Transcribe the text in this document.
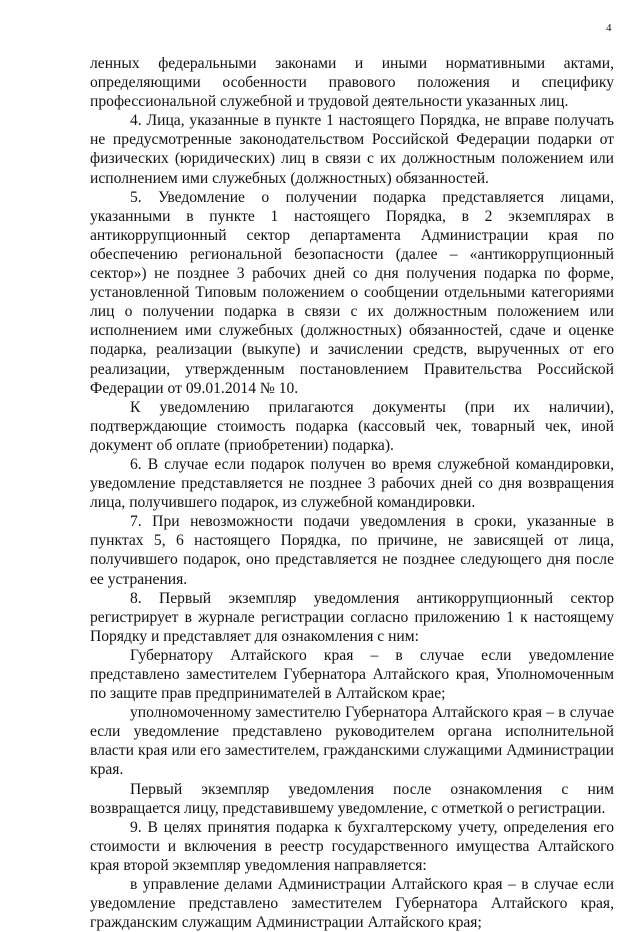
4

ленных федеральными законами и иными нормативными актами, определяющими особенности правового положения и специфику профессиональной служебной и трудовой деятельности указанных лиц.

4. Лица, указанные в пункте 1 настоящего Порядка, не вправе получать не предусмотренные законодательством Российской Федерации подарки от физических (юридических) лиц в связи с их должностным положением или исполнением ими служебных (должностных) обязанностей.

5. Уведомление о получении подарка представляется лицами, указанными в пункте 1 настоящего Порядка, в 2 экземплярах в антикоррупционный сектор департамента Администрации края по обеспечению региональной безопасности (далее – «антикоррупционный сектор») не позднее 3 рабочих дней со дня получения подарка по форме, установленной Типовым положением о сообщении отдельными категориями лиц о получении подарка в связи с их должностным положением или исполнением ими служебных (должностных) обязанностей, сдаче и оценке подарка, реализации (выкупе) и зачислении средств, вырученных от его реализации, утвержденным постановлением Правительства Российской Федерации от 09.01.2014 № 10.

К уведомлению прилагаются документы (при их наличии), подтверждающие стоимость подарка (кассовый чек, товарный чек, иной документ об оплате (приобретении) подарка).

6. В случае если подарок получен во время служебной командировки, уведомление представляется не позднее 3 рабочих дней со дня возвращения лица, получившего подарок, из служебной командировки.

7. При невозможности подачи уведомления в сроки, указанные в пунктах 5, 6 настоящего Порядка, по причине, не зависящей от лица, получившего подарок, оно представляется не позднее следующего дня после ее устранения.

8. Первый экземпляр уведомления антикоррупционный сектор регистрирует в журнале регистрации согласно приложению 1 к настоящему Порядку и представляет для ознакомления с ним:

Губернатору Алтайского края – в случае если уведомление представлено заместителем Губернатора Алтайского края, Уполномоченным по защите прав предпринимателей в Алтайском крае;

уполномоченному заместителю Губернатора Алтайского края – в случае если уведомление представлено руководителем органа исполнительной власти края или его заместителем, гражданскими служащими Администрации края.

Первый экземпляр уведомления после ознакомления с ним возвращается лицу, представившему уведомление, с отметкой о регистрации.

9. В целях принятия подарка к бухгалтерскому учету, определения его стоимости и включения в реестр государственного имущества Алтайского края второй экземпляр уведомления направляется:

в управление делами Администрации Алтайского края – в случае если уведомление представлено заместителем Губернатора Алтайского края, гражданским служащим Администрации Алтайского края;
